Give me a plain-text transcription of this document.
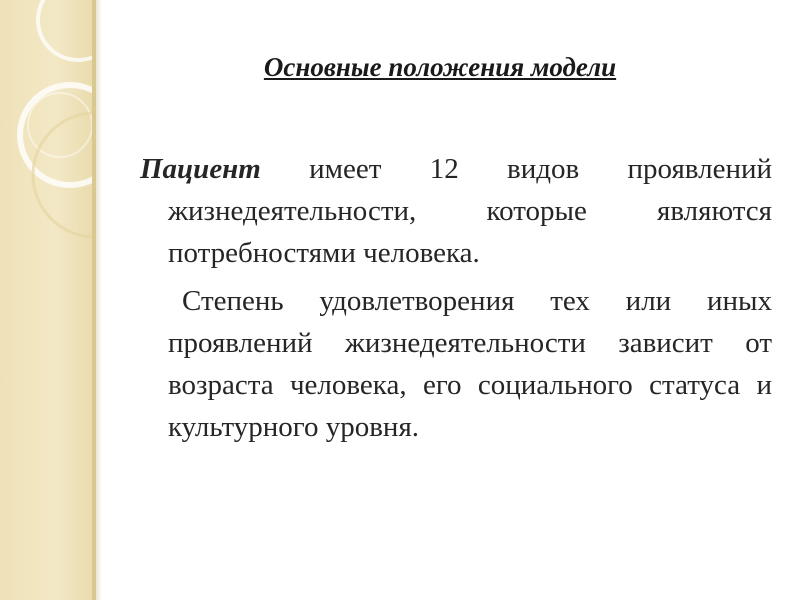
Основные положения модели

Пациент имеет 12 видов проявлений жизнедеятельности, которые являются потребностями человека.

Степень удовлетворения тех или иных проявлений жизнедеятельности зависит от возраста человека, его социального статуса и культурного уровня.
